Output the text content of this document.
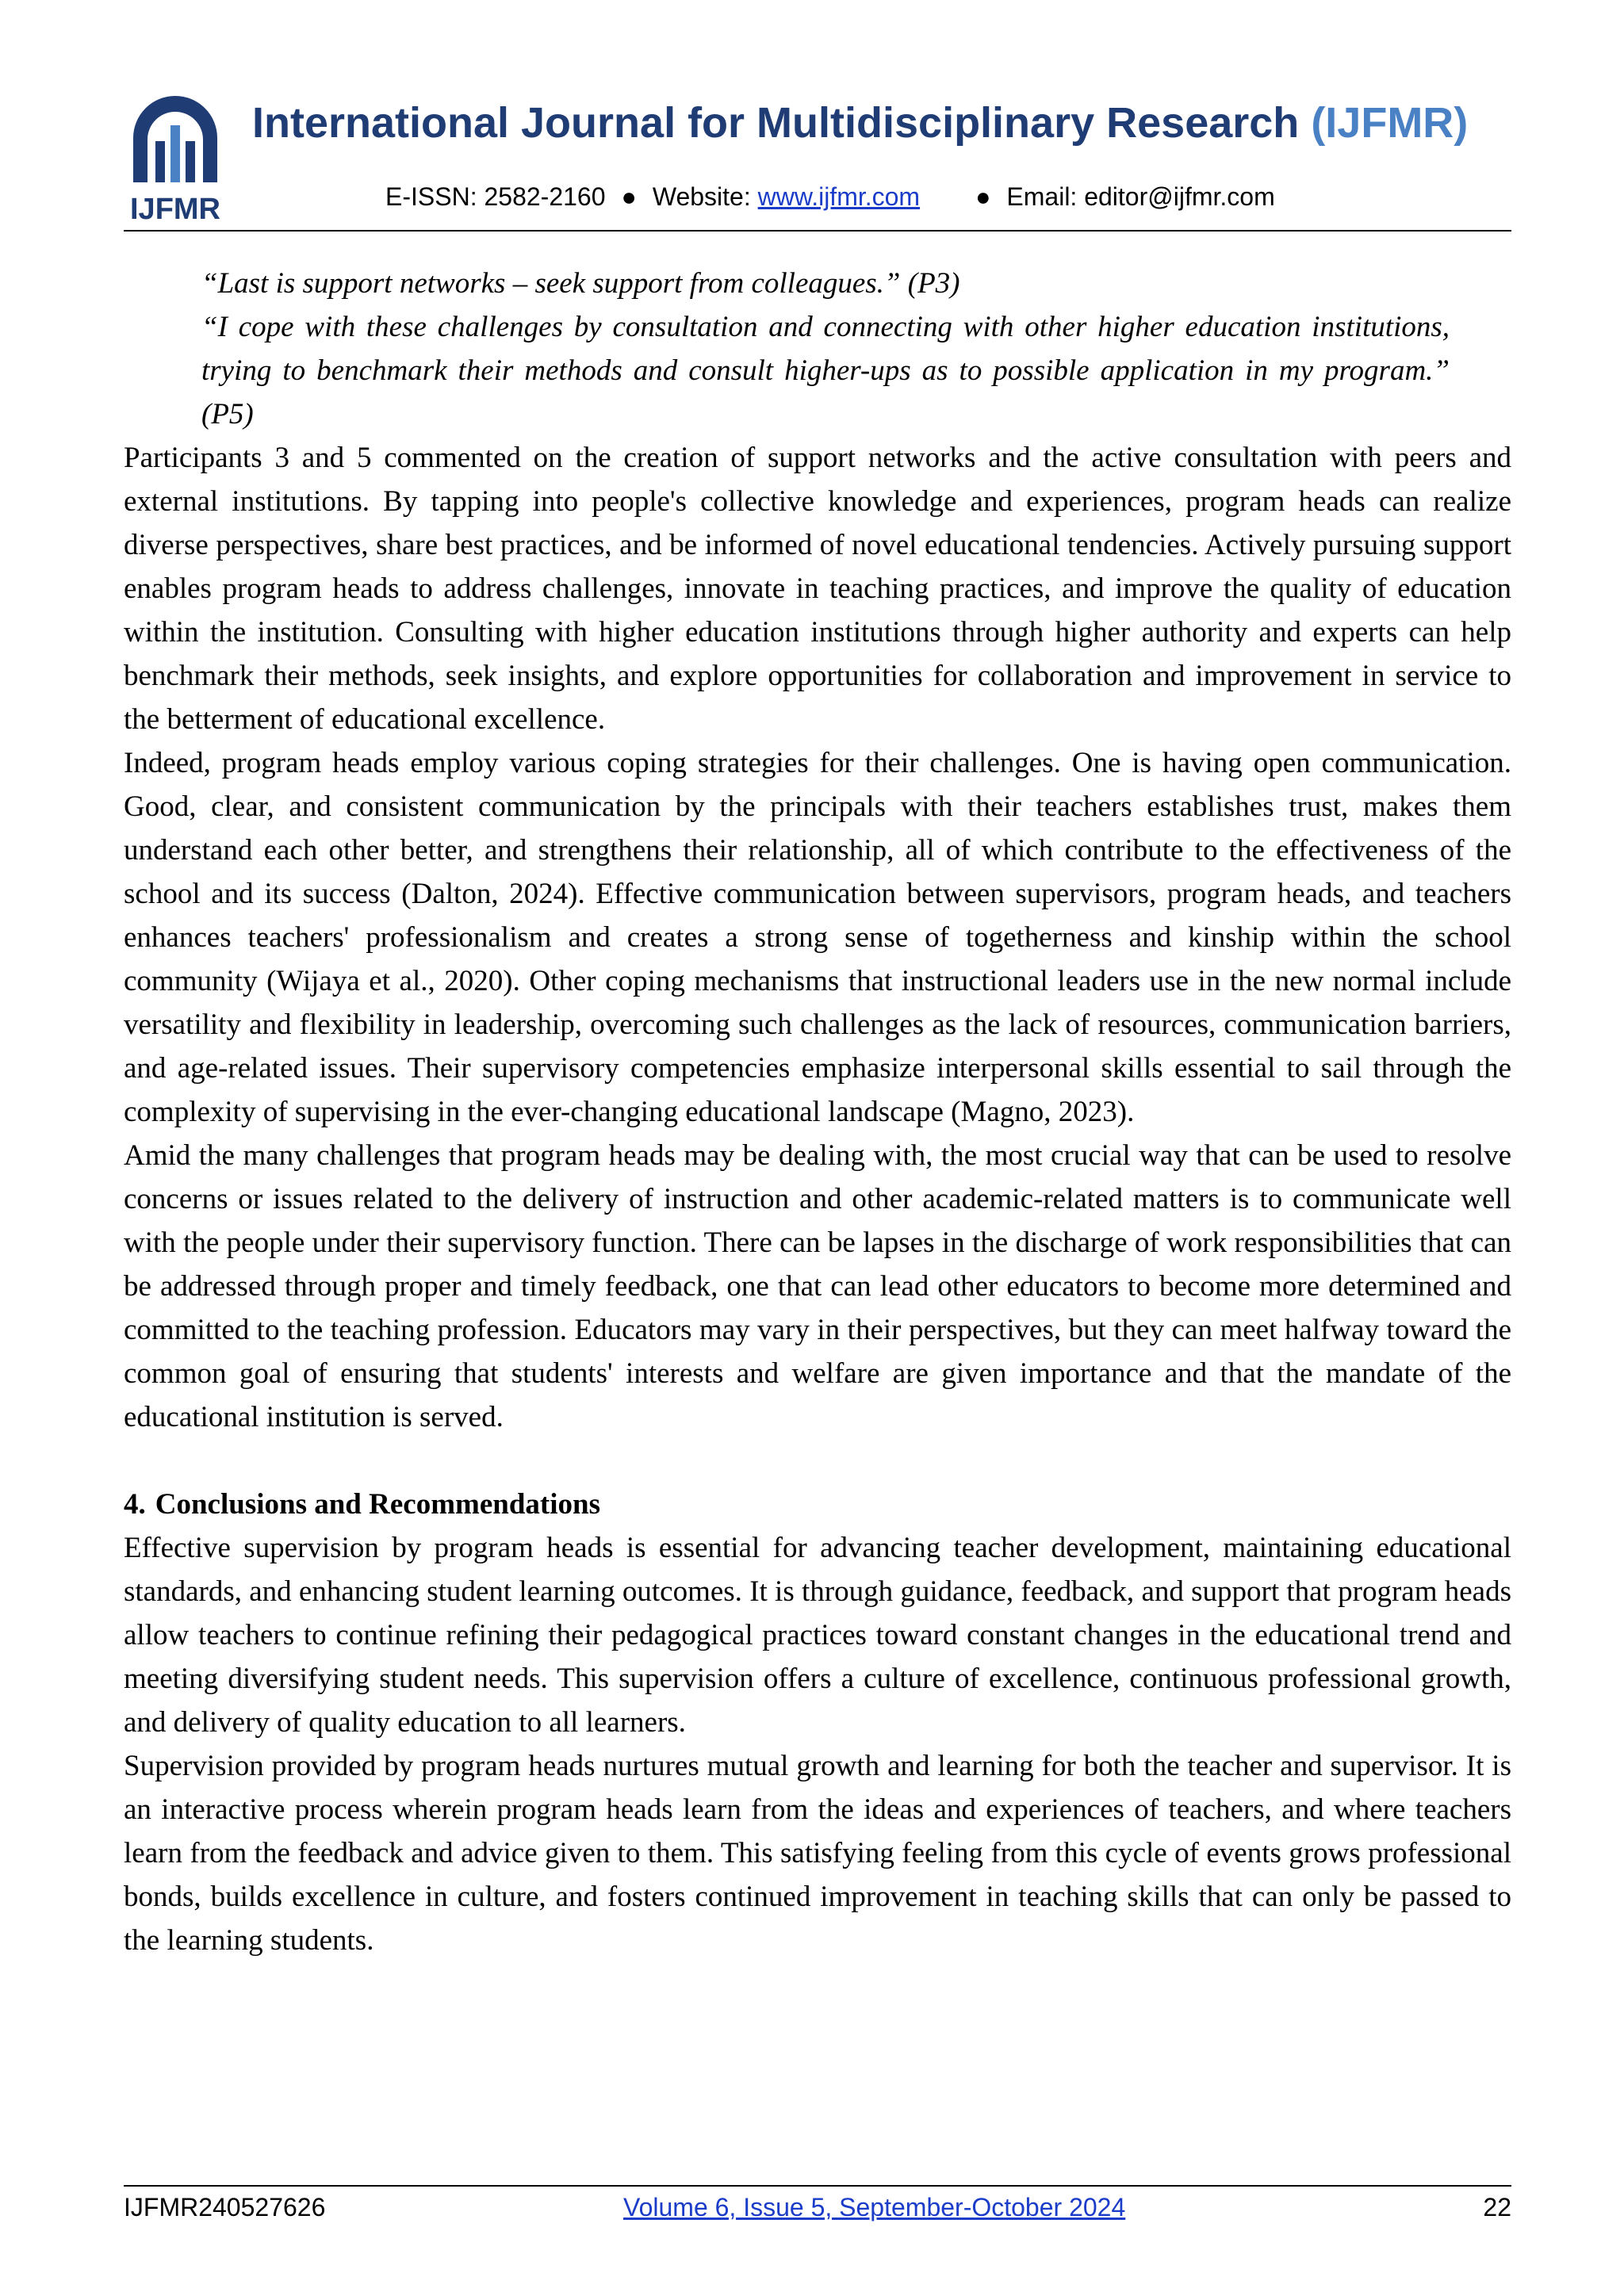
IJFMR
International Journal for Multidisciplinary Research (IJFMR)
E-ISSN: 2582-2160 ● Website: www.ijfmr.com ● Email: editor@ijfmr.com

“Last is support networks – seek support from colleagues.” (P3)

“I cope with these challenges by consultation and connecting with other higher education institutions, trying to benchmark their methods and consult higher-ups as to possible application in my program.” (P5)

Participants 3 and 5 commented on the creation of support networks and the active consultation with peers and external institutions. By tapping into people's collective knowledge and experiences, program heads can realize diverse perspectives, share best practices, and be informed of novel educational tendencies. Actively pursuing support enables program heads to address challenges, innovate in teaching practices, and improve the quality of education within the institution. Consulting with higher education institutions through higher authority and experts can help benchmark their methods, seek insights, and explore opportunities for collaboration and improvement in service to the betterment of educational excellence.

Indeed, program heads employ various coping strategies for their challenges. One is having open communication. Good, clear, and consistent communication by the principals with their teachers establishes trust, makes them understand each other better, and strengthens their relationship, all of which contribute to the effectiveness of the school and its success (Dalton, 2024). Effective communication between supervisors, program heads, and teachers enhances teachers' professionalism and creates a strong sense of togetherness and kinship within the school community (Wijaya et al., 2020). Other coping mechanisms that instructional leaders use in the new normal include versatility and flexibility in leadership, overcoming such challenges as the lack of resources, communication barriers, and age-related issues. Their supervisory competencies emphasize interpersonal skills essential to sail through the complexity of supervising in the ever-changing educational landscape (Magno, 2023).

Amid the many challenges that program heads may be dealing with, the most crucial way that can be used to resolve concerns or issues related to the delivery of instruction and other academic-related matters is to communicate well with the people under their supervisory function. There can be lapses in the discharge of work responsibilities that can be addressed through proper and timely feedback, one that can lead other educators to become more determined and committed to the teaching profession. Educators may vary in their perspectives, but they can meet halfway toward the common goal of ensuring that students' interests and welfare are given importance and that the mandate of the educational institution is served.

4. Conclusions and Recommendations

Effective supervision by program heads is essential for advancing teacher development, maintaining educational standards, and enhancing student learning outcomes. It is through guidance, feedback, and support that program heads allow teachers to continue refining their pedagogical practices toward constant changes in the educational trend and meeting diversifying student needs. This supervision offers a culture of excellence, continuous professional growth, and delivery of quality education to all learners.

Supervision provided by program heads nurtures mutual growth and learning for both the teacher and supervisor. It is an interactive process wherein program heads learn from the ideas and experiences of teachers, and where teachers learn from the feedback and advice given to them. This satisfying feeling from this cycle of events grows professional bonds, builds excellence in culture, and fosters continued improvement in teaching skills that can only be passed to the learning students.

IJFMR240527626	Volume 6, Issue 5, September-October 2024	22
